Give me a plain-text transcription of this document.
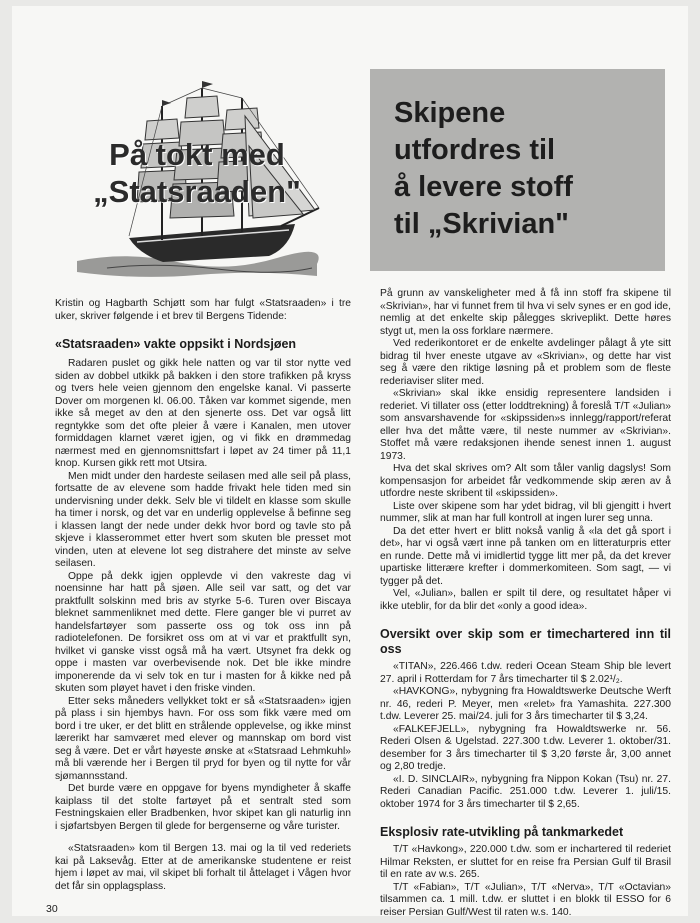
På tokt med
„Statsraaden"
Skipene
utfordres til
å levere stoff
til „Skrivian"

Kristin og Hagbarth Schjøtt som har fulgt «Statsraaden» i tre uker, skriver følgende i et brev til Bergens Tidende:

«Statsraaden» vakte oppsikt i Nordsjøen

Radaren puslet og gikk hele natten og var til stor nytte ved siden av dobbel utkikk på bakken i den store trafikken på kryss og tvers hele veien gjennom den engelske kanal. Vi passerte Dover om morgenen kl. 06.00. Tåken var kommet sigende, men ikke så meget av den at den sjenerte oss. Det var også litt regntykke som det ofte pleier å være i Kanalen, men utover formiddagen klarnet været igjen, og vi fikk en drømmedag nærmest med en gjennomsnittsfart i løpet av 24 timer på 11,1 knop. Kursen gikk rett mot Utsira.

Men midt under den hardeste seilasen med alle seil på plass, fortsatte de av elevene som hadde frivakt hele tiden med sin undervisning under dekk. Selv ble vi tildelt en klasse som skulle ha timer i norsk, og det var en underlig opplevelse å befinne seg i klassen langt der nede under dekk hvor bord og tavle sto på skjeve i klasserommet etter hvert som skuten ble presset mot vinden, uten at elevene lot seg distrahere det minste av selve seilasen.

Oppe på dekk igjen opplevde vi den vakreste dag vi noensinne har hatt på sjøen. Alle seil var satt, og det var praktfullt solskinn med bris av styrke 5-6. Turen over Biscaya bleknet sammenliknet med dette. Flere ganger ble vi purret av handelsfartøyer som passerte oss og tok oss inn på radiotelefonen. De forsikret oss om at vi var et praktfullt syn, hvilket vi ganske visst også må ha vært. Utsynet fra dekk og oppe i masten var overbevisende nok. Det ble ikke mindre imponerende da vi selv tok en tur i masten for å kikke ned på skuten som pløyet havet i den friske vinden.

Etter seks måneders vellykket tokt er så «Statsraaden» igjen på plass i sin hjembys havn. For oss som fikk være med om bord i tre uker, er det blitt en strålende opplevelse, og ikke minst lærerikt har samværet med elever og mannskap om bord vist seg å være. Det er vårt høyeste ønske at «Statsraad Lehmkuhl» må bli værende her i Bergen til pryd for byen og til nytte for vår sjømannsstand.

Det burde være en oppgave for byens myndigheter å skaffe kaiplass til det stolte fartøyet på et sentralt sted som Festningskaien eller Bradbenken, hvor skipet kan gli naturlig inn i sjøfartsbyen Bergen til glede for bergenserne og våre turister.

«Statsraaden» kom til Bergen 13. mai og la til ved rederiets kai på Laksevåg. Etter at de amerikanske studentene er reist hjem i løpet av mai, vil skipet bli forhalt til åttelaget i Vågen hvor det får sin opplagsplass.

På grunn av vanskeligheter med å få inn stoff fra skipene til «Skrivian», har vi funnet frem til hva vi selv synes er en god ide, nemlig at det enkelte skip pålegges skriveplikt. Dette høres stygt ut, men la oss forklare nærmere.

Ved rederikontoret er de enkelte avdelinger pålagt å yte sitt bidrag til hver eneste utgave av «Skrivian», og dette har vist seg å være den riktige løsning på et problem som de fleste rederiaviser sliter med.

«Skrivian» skal ikke ensidig representere landsiden i rederiet. Vi tillater oss (etter loddtrekning) å foreslå T/T «Julian» som ansvarshavende for «skipssiden»s innlegg/rapport/referat eller hva det måtte være, til neste nummer av «Skrivian». Stoffet må være redaksjonen ihende senest innen 1. august 1973.

Hva det skal skrives om? Alt som tåler vanlig dagslys! Som kompensasjon for arbeidet får vedkommende skip æren av å utfordre neste skribent til «skipssiden».

Liste over skipene som har ydet bidrag, vil bli gjengitt i hvert nummer, slik at man har full kontroll at ingen lurer seg unna.

Da det etter hvert er blitt nokså vanlig å «la det gå sport i det», har vi også vært inne på tanken om en litteraturpris etter en runde. Dette må vi imidlertid tygge litt mer på, da det krever upartiske litterære krefter i dommerkomiteen. Som sagt, — vi tygger på det.

Vel, «Julian», ballen er spilt til dere, og resultatet håper vi ikke uteblir, for da blir det «only a good idea».

Oversikt over skip som er timechartered inn til oss

«TITAN», 226.466 t.dw. rederi Ocean Steam Ship ble levert 27. april i Rotterdam for 7 års timecharter til $ 2.02¹/₂.

«HAVKONG», nybygning fra Howaldtswerke Deutsche Werft nr. 46, rederi P. Meyer, men «relet» fra Yamashita. 227.300 t.dw. Leverer 25. mai/24. juli for 3 års timecharter til $ 3,24.

«FALKEFJELL», nybygning fra Howaldtswerke nr. 56. Rederi Olsen & Ugelstad. 227.300 t.dw. Leverer 1. oktober/31. desember for 3 års timecharter til $ 3,20 første år, 3,00 annet og 2,80 tredje.

«I. D. SINCLAIR», nybygning fra Nippon Kokan (Tsu) nr. 27. Rederi Canadian Pacific. 251.000 t.dw. Leverer 1. juli/15. oktober 1974 for 3 års timecharter til $ 2,65.

Eksplosiv rate-utvikling på tankmarkedet

T/T «Havkong», 220.000 t.dw. som er inchartered til rederiet Hilmar Reksten, er sluttet for en reise fra Persian Gulf til Brasil til en rate av w.s. 265.

T/T «Fabian», T/T «Julian», T/T «Nerva», T/T «Octavian» tilsammen ca. 1 mill. t.dw. er sluttet i en blokk til ESSO for 6 reiser Persian Gulf/West til raten w.s. 140.

30
